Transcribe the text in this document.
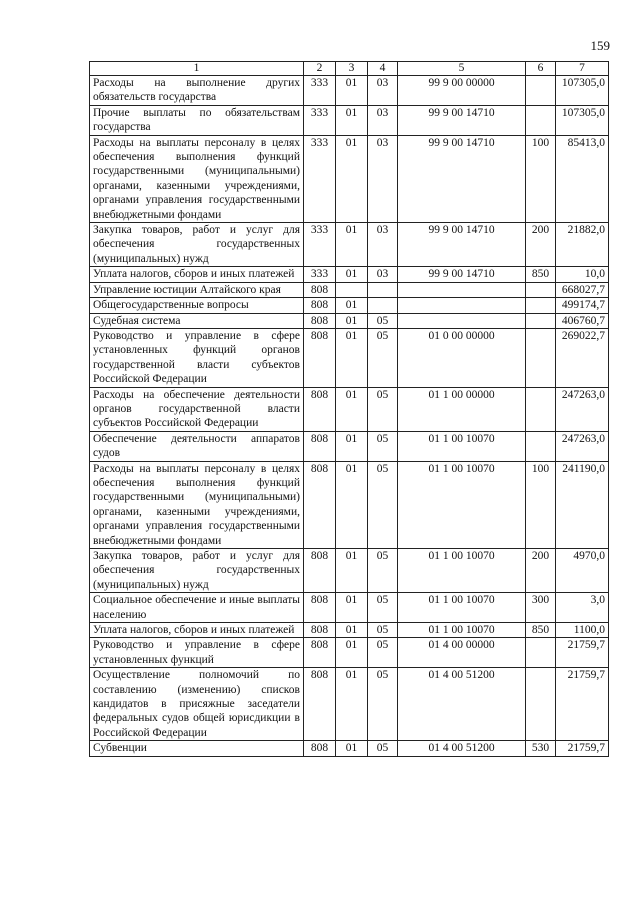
159
1	2	3	4	5	6	7
Расходы на выполнение других обязательств государства	333	01	03	99 9 00 00000		107305,0
Прочие выплаты по обязательствам государства	333	01	03	99 9 00 14710		107305,0
Расходы на выплаты персоналу в целях обеспечения выполнения функций государственными (муниципальными) органами, казенными учреждениями, органами управления государственными внебюджетными фондами	333	01	03	99 9 00 14710	100	85413,0
Закупка товаров, работ и услуг для обеспечения государственных (муниципальных) нужд	333	01	03	99 9 00 14710	200	21882,0
Уплата налогов, сборов и иных платежей	333	01	03	99 9 00 14710	850	10,0
Управление юстиции Алтайского края	808					668027,7
Общегосударственные вопросы	808	01				499174,7
Судебная система	808	01	05			406760,7
Руководство и управление в сфере установленных функций органов государственной власти субъектов Российской Федерации	808	01	05	01 0 00 00000		269022,7
Расходы на обеспечение деятельности органов государственной власти субъектов Российской Федерации	808	01	05	01 1 00 00000		247263,0
Обеспечение деятельности аппаратов судов	808	01	05	01 1 00 10070		247263,0
Расходы на выплаты персоналу в целях обеспечения выполнения функций государственными (муниципальными) органами, казенными учреждениями, органами управления государственными внебюджетными фондами	808	01	05	01 1 00 10070	100	241190,0
Закупка товаров, работ и услуг для обеспечения государственных (муниципальных) нужд	808	01	05	01 1 00 10070	200	4970,0
Социальное обеспечение и иные выплаты населению	808	01	05	01 1 00 10070	300	3,0
Уплата налогов, сборов и иных платежей	808	01	05	01 1 00 10070	850	1100,0
Руководство и управление в сфере установленных функций	808	01	05	01 4 00 00000		21759,7
Осуществление полномочий по составлению (изменению) списков кандидатов в присяжные заседатели федеральных судов общей юрисдикции в Российской Федерации	808	01	05	01 4 00 51200		21759,7
Субвенции	808	01	05	01 4 00 51200	530	21759,7
